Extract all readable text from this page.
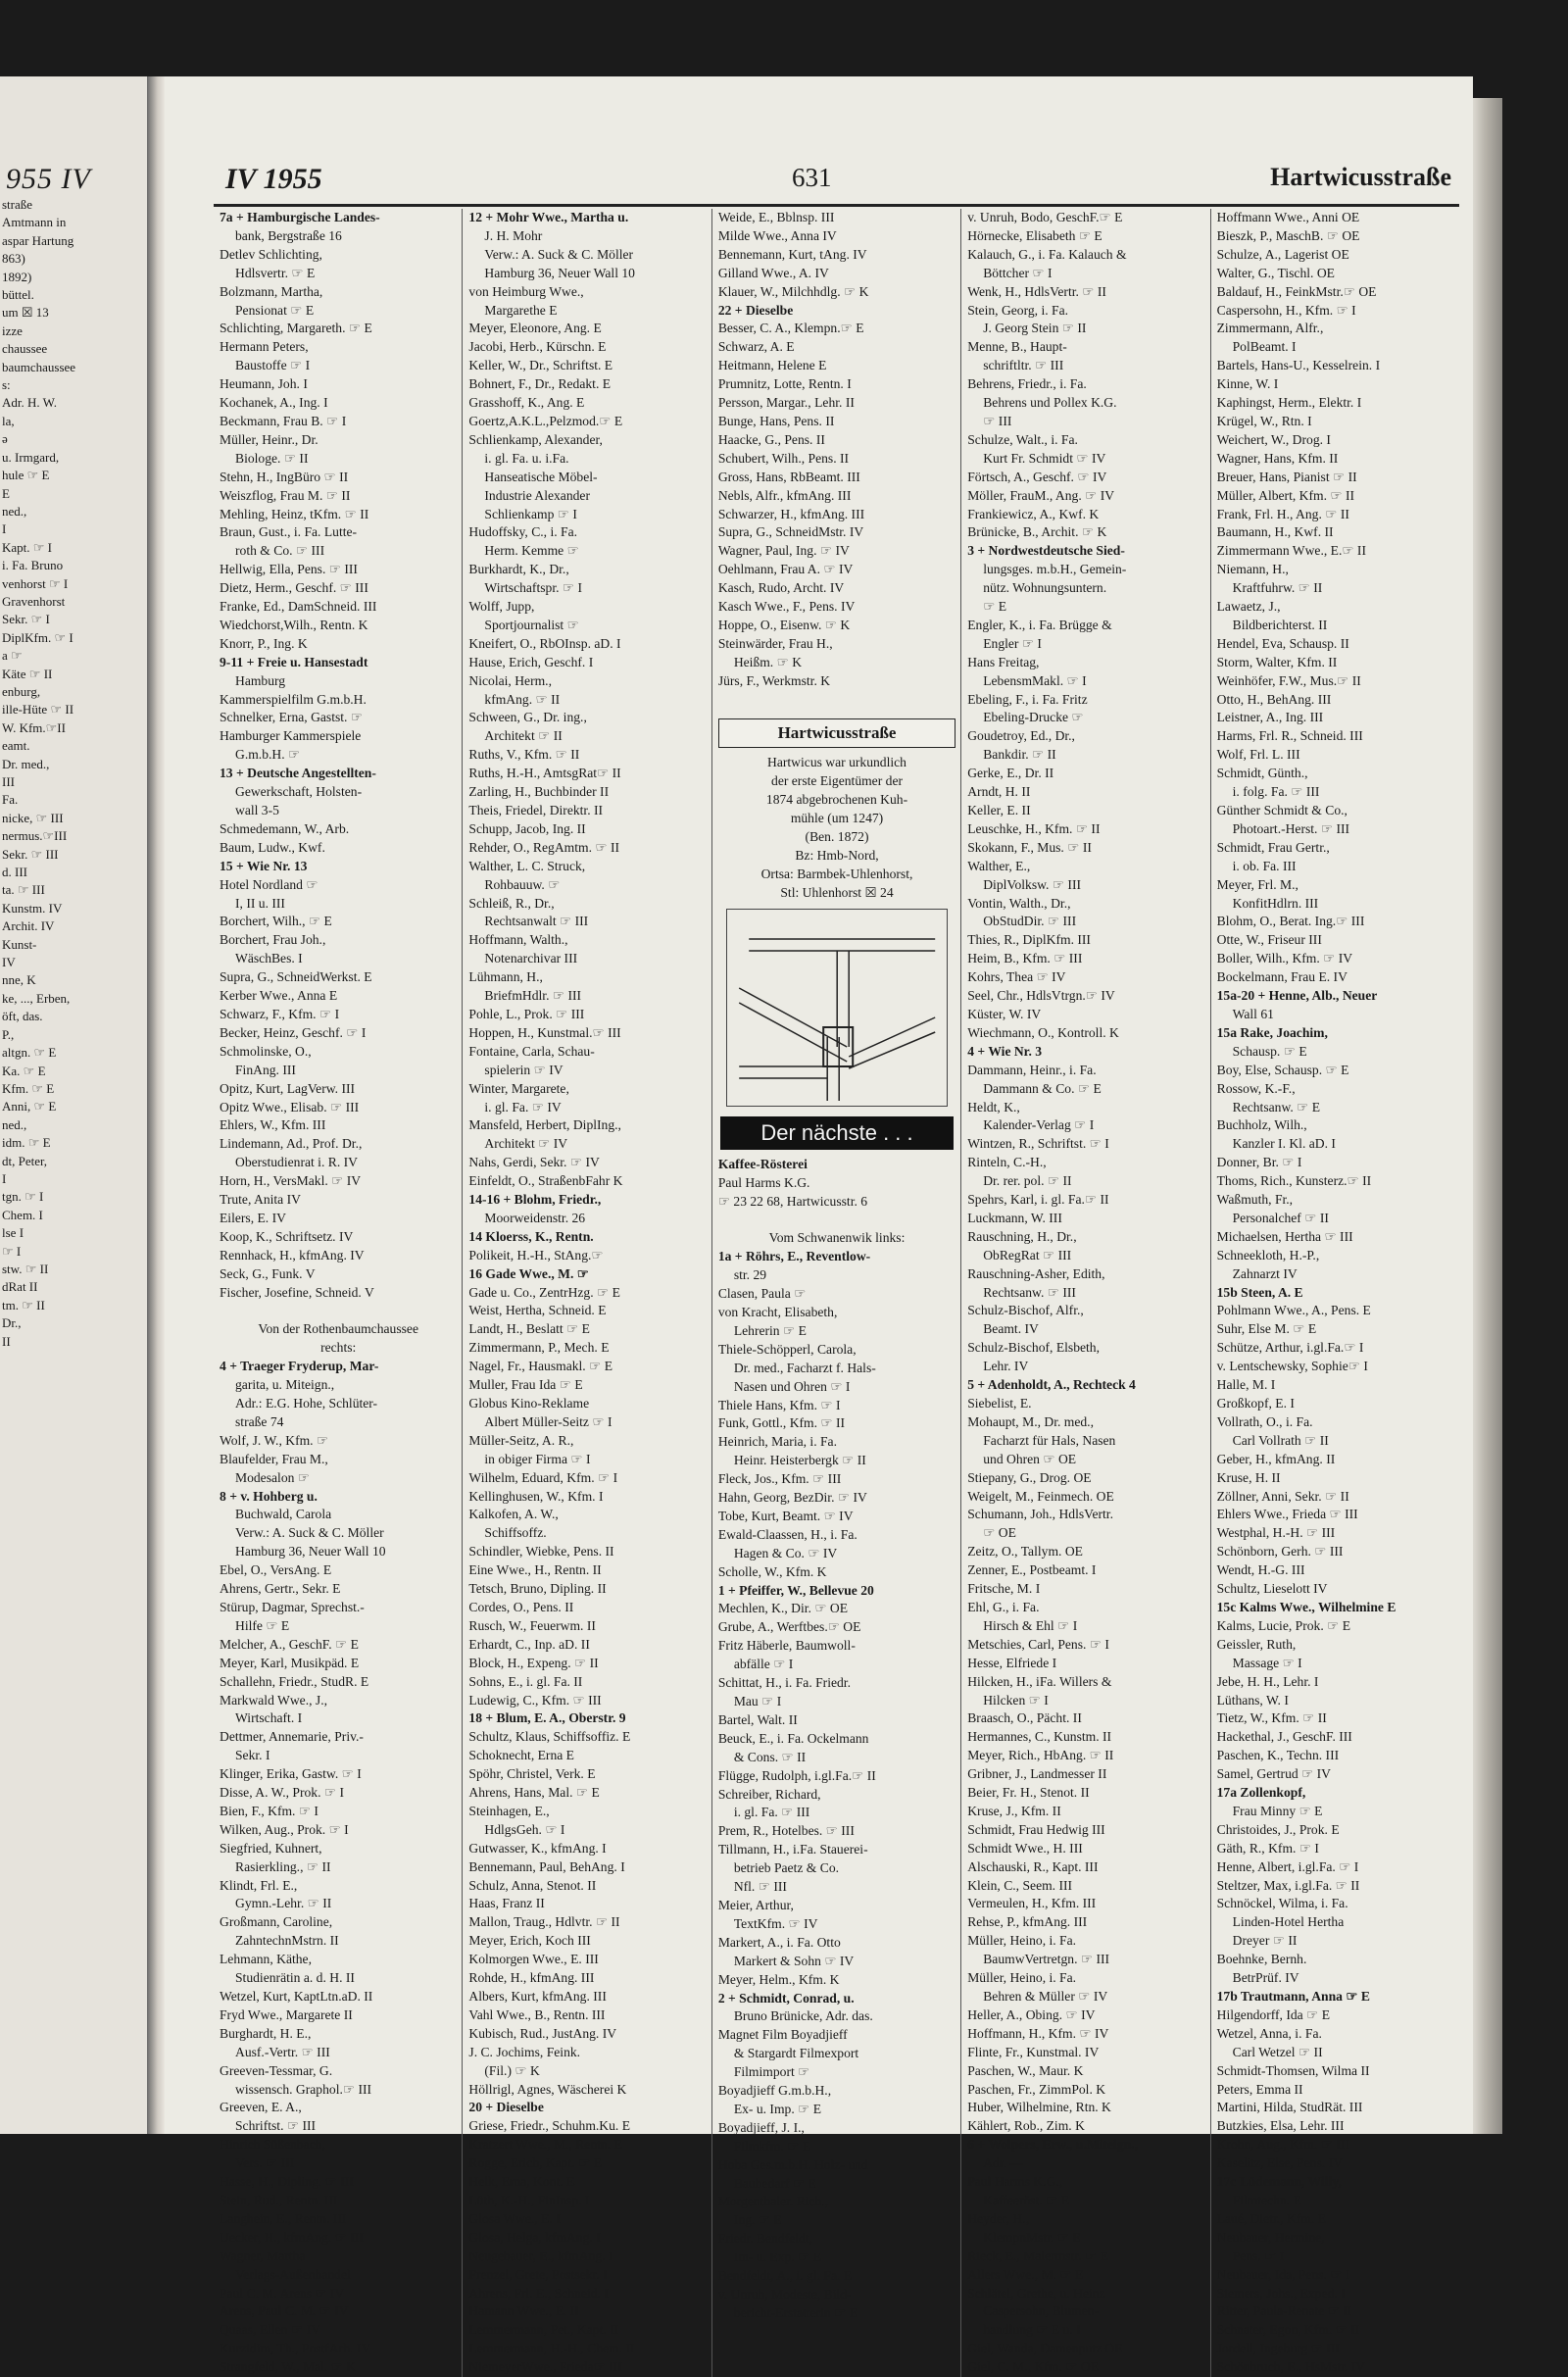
955 IV
straße
Amtmann in
aspar Hartung
863)
1892)
büttel.
um ☒ 13
izze
chaussee
baumchaussee
s:
Adr. H. W.
la,
ə
u. Irmgard,
hule ☞ E
E
ned.,
I
Kapt. ☞ I
i. Fa. Bruno
venhorst ☞ I
Gravenhorst
Sekr. ☞ I
DiplKfm. ☞ I
a ☞
Käte ☞ II
enburg,
ille-Hüte ☞ II
W. Kfm.☞II
eamt.
Dr. med.,
III
Fa.
nicke, ☞ III
nermus.☞III
Sekr. ☞ III
d. III
ta. ☞ III
Kunstm. IV
Archit. IV
Kunst-
IV
nne, K
ke, ..., Erben,
öft, das.
P.,
altgn. ☞ E
Ka. ☞ E
Kfm. ☞ E
Anni, ☞ E
ned.,
idm. ☞ E
dt, Peter,
I
tgn. ☞ I
Chem. I
lse I
☞ I
stw. ☞ II
dRat II
tm. ☞ II
Dr.,
II
IV 1955	631	Hartwicusstraße
7a + Hamburgische Landes-
bank, Bergstraße 16
Detlev Schlichting,
Hdlsvertr. ☞ E
Bolzmann, Martha,
Pensionat ☞ E
Schlichting, Margareth. ☞ E
Hermann Peters,
Baustoffe ☞ I
Heumann, Joh. I
Kochanek, A., Ing. I
Beckmann, Frau B. ☞ I
Müller, Heinr., Dr.
Biologe. ☞ II
Stehn, H., IngBüro ☞ II
Weiszflog, Frau M. ☞ II
Mehling, Heinz, tKfm. ☞ II
Braun, Gust., i. Fa. Lutte-
roth & Co. ☞ III
Hellwig, Ella, Pens. ☞ III
Dietz, Herm., Geschf. ☞ III
Franke, Ed., DamSchneid. III
Wiedchorst,Wilh., Rentn. K
Knorr, P., Ing. K
9-11 + Freie u. Hansestadt
Hamburg
Kammerspielfilm G.m.b.H.
Schnelker, Erna, Gastst. ☞
Hamburger Kammerspiele
G.m.b.H. ☞
13 + Deutsche Angestellten-
Gewerkschaft, Holsten-
wall 3-5
Schmedemann, W., Arb.
Baum, Ludw., Kwf.
15 + Wie Nr. 13
Hotel Nordland ☞
I, II u. III
Borchert, Wilh., ☞ E
Borchert, Frau Joh.,
WäschBes. I
Supra, G., SchneidWerkst. E
Kerber Wwe., Anna E
Schwarz, F., Kfm. ☞ I
Becker, Heinz, Geschf. ☞ I
Schmolinske, O.,
FinAng. III
Opitz, Kurt, LagVerw. III
Opitz Wwe., Elisab. ☞ III
Ehlers, W., Kfm. III
Lindemann, Ad., Prof. Dr.,
Oberstudienrat i. R. IV
Horn, H., VersMakl. ☞ IV
Trute, Anita IV
Eilers, E. IV
Koop, K., Schriftsetz. IV
Rennhack, H., kfmAng. IV
Seck, G., Funk. V
Fischer, Josefine, Schneid. V

Von der Rothenbaumchaussee
rechts:
4 + Traeger Fryderup, Mar-
garita, u. Miteign.,
Adr.: E.G. Hohe, Schlüter-
straße 74
Wolf, J. W., Kfm. ☞
Blaufelder, Frau M.,
Modesalon ☞
8 + v. Hohberg u.
Buchwald, Carola
Verw.: A. Suck & C. Möller
Hamburg 36, Neuer Wall 10
Ebel, O., VersAng. E
Ahrens, Gertr., Sekr. E
Stürup, Dagmar, Sprechst.-
Hilfe ☞ E
Melcher, A., GeschF. ☞ E
Meyer, Karl, Musikpäd. E
Schallehn, Friedr., StudR. E
Markwald Wwe., J.,
Wirtschaft. I
Dettmer, Annemarie, Priv.-
Sekr. I
Klinger, Erika, Gastw. ☞ I
Disse, A. W., Prok. ☞ I
Bien, F., Kfm. ☞ I
Wilken, Aug., Prok. ☞ I
Siegfried, Kuhnert,
Rasierkling., ☞ II
Klindt, Frl. E.,
Gymn.-Lehr. ☞ II
Großmann, Caroline,
ZahntechnMstrn. II
Lehmann, Käthe,
Studienrätin a. d. H. II
Wetzel, Kurt, KaptLtn.aD. II
Fryd Wwe., Margarete II
Burghardt, H. E.,
Ausf.-Vertr. ☞ III
Greeven-Tessmar, G.
wissensch. Graphol.☞ III
Greeven, E. A.,
Schriftst. ☞ III
Hinrich Süßenbach,
Vers. ☞ III
Hasse, H., Dipling. ☞ III
Stein, Rud., Rentn. III
Langhein, E., Rentn. III
Uecker, H., kfmAng. ☞ III
Wagner, Martha
Verlags-Außenhandel
Paul C. M. Arens ☞ IV
Arens, Paul C. M. ☞ IV
Quaas, Ellen ☞ IV
Kurzidim, Th., PostfArb. IV
Strangfeld, W., Mal. ☞ K
12 + Mohr Wwe., Martha u.
J. H. Mohr
Verw.: A. Suck & C. Möller
Hamburg 36, Neuer Wall 10
von Heimburg Wwe.,
Margarethe E
Meyer, Eleonore, Ang. E
Jacobi, Herb., Kürschn. E
Keller, W., Dr., Schriftst. E
Bohnert, F., Dr., Redakt. E
Grasshoff, K., Ang. E
Goertz,A.K.L.,Pelzmod.☞ E
Schlienkamp, Alexander,
i. gl. Fa. u. i.Fa.
Hanseatische Möbel-
Industrie Alexander
Schlienkamp ☞ I
Hudoffsky, C., i. Fa.
Herm. Kemme ☞
Burkhardt, K., Dr.,
Wirtschaftspr. ☞ I
Wolff, Jupp,
Sportjournalist ☞
Kneifert, O., RbOInsp. aD. I
Hause, Erich, Geschf. I
Nicolai, Herm.,
kfmAng. ☞ II
Schween, G., Dr. ing.,
Architekt ☞ II
Ruths, V., Kfm. ☞ II
Ruths, H.-H., AmtsgRat☞ II
Zarling, H., Buchbinder II
Theis, Friedel, Direktr. II
Schupp, Jacob, Ing. II
Rehder, O., RegAmtm. ☞ II
Walther, L. C. Struck,
Rohbauuw. ☞
Schleiß, R., Dr.,
Rechtsanwalt ☞ III
Hoffmann, Walth.,
Notenarchivar III
Lühmann, H.,
BriefmHdlr. ☞ III
Pohle, L., Prok. ☞ III
Hoppen, H., Kunstmal.☞ III
Fontaine, Carla, Schau-
spielerin ☞ IV
Winter, Margarete,
i. gl. Fa. ☞ IV
Mansfeld, Herbert, DiplIng.,
Architekt ☞ IV
Nahs, Gerdi, Sekr. ☞ IV
Einfeldt, O., StraßenbFahr K
14-16 + Blohm, Friedr.,
Moorweidenstr. 26
14 Kloerss, K., Rentn.
Polikeit, H.-H., StAng.☞
16 Gade Wwe., M. ☞
Gade u. Co., ZentrHzg. ☞ E
Weist, Hertha, Schneid. E
Landt, H., Beslatt ☞ E
Zimmermann, P., Mech. E
Nagel, Fr., Hausmakl. ☞ E
Muller, Frau Ida ☞ E
Globus Kino-Reklame
Albert Müller-Seitz ☞ I
Müller-Seitz, A. R.,
in obiger Firma ☞ I
Wilhelm, Eduard, Kfm. ☞ I
Kellinghusen, W., Kfm. I
Kalkofen, A. W.,
Schiffsoffz.
Schindler, Wiebke, Pens. II
Eine Wwe., H., Rentn. II
Tetsch, Bruno, Dipling. II
Cordes, O., Pens. II
Rusch, W., Feuerwm. II
Erhardt, C., Inp. aD. II
Block, H., Expeng. ☞ II
Sohns, E., i. gl. Fa. II
Ludewig, C., Kfm. ☞ III
18 + Blum, E. A., Oberstr. 9
Schultz, Klaus, Schiffsoffiz. E
Schoknecht, Erna E
Spöhr, Christel, Verk. E
Ahrens, Hans, Mal. ☞ E
Steinhagen, E.,
HdlgsGeh. ☞ I
Gutwasser, K., kfmAng. I
Bennemann, Paul, BehAng. I
Schulz, Anna, Stenot. II
Haas, Franz II
Mallon, Traug., Hdlvtr. ☞ II
Meyer, Erich, Koch III
Kolmorgen Wwe., E. III
Rohde, H., kfmAng. III
Albers, Kurt, kfmAng. III
Vahl Wwe., B., Rentn. III
Kubisch, Rud., JustAng. IV
J. C. Jochims, Feink.
(Fil.) ☞ K
Höllrigl, Agnes, Wäscherei K
20 + Dieselbe
Griese, Friedr., Schuhm.Ku. E
Kratzert Wwe., M., Rentn. E
Rogge, Erich, Kapt. ☞ E
Helk, Erna, Kont. E
Lüth, K.-H., FinInsp. I
Glosa Wwe., E. I
Glosa, Helga, kfmAng. I
Neugebauer, E., kfmAng. I
Frenzel, Grete, Postsekr. I
Ahrens, Frl. E., Schneid. I
Hamann Wwe., E. II
Lemmermann, Pet., Kapt. II
Lemmermann, H.-H., Chem. II
NiemeyerWwe., Frieda☞ III
Weide, E., Bblnsp. III
Milde Wwe., Anna IV
Bennemann, Kurt, tAng. IV
Gilland Wwe., A. IV
Klauer, W., Milchhdlg. ☞ K
22 + Dieselbe
Besser, C. A., Klempn.☞ E
Schwarz, A. E
Heitmann, Helene E
Prumnitz, Lotte, Rentn. I
Persson, Margar., Lehr. II
Bunge, Hans, Pens. II
Haacke, G., Pens. II
Schubert, Wilh., Pens. II
Gross, Hans, RbBeamt. III
Nebls, Alfr., kfmAng. III
Schwarzer, H., kfmAng. III
Supra, G., SchneidMstr. IV
Wagner, Paul, Ing. ☞ IV
Oehlmann, Frau A. ☞ IV
Kasch, Rudo, Archt. IV
Kasch Wwe., F., Pens. IV
Hoppe, O., Eisenw. ☞ K
Steinwärder, Frau H.,
Heißm. ☞ K
Jürs, F., Werkmstr. K

Hartwicusstraße
Hartwicus war urkundlich
der erste Eigentümer der
1874 abgebrochenen Kuh-
mühle (um 1247)
(Ben. 1872)
Bz: Hmb-Nord,
Ortsa: Barmbek-Uhlenhorst,
Stl: Uhlenhorst ☒ 24
Der nächste . . .
Kaffee-Rösterei
Paul Harms K.G.
☞ 23 22 68, Hartwicusstr. 6

Vom Schwanenwik links:
1a + Röhrs, E., Reventlow-
str. 29
Clasen, Paula ☞
von Kracht, Elisabeth,
Lehrerin ☞ E
Thiele-Schöpperl, Carola,
Dr. med., Facharzt f. Hals-
Nasen und Ohren ☞ I
Thiele Hans, Kfm. ☞ I
Funk, Gottl., Kfm. ☞ II
Heinrich, Maria, i. Fa.
Heinr. Heisterbergk ☞ II
Fleck, Jos., Kfm. ☞ III
Hahn, Georg, BezDir. ☞ IV
Tobe, Kurt, Beamt. ☞ IV
Ewald-Claassen, H., i. Fa.
Hagen & Co. ☞ IV
Scholle, W., Kfm. K
1 + Pfeiffer, W., Bellevue 20
Mechlen, K., Dir. ☞ OE
Grube, A., Werftbes.☞ OE
Fritz Häberle, Baumwoll-
abfälle ☞ I
Schittat, H., i. Fa. Friedr.
Mau ☞ I
Bartel, Walt. II
Beuck, E., i. Fa. Ockelmann
& Cons. ☞ II
Flügge, Rudolph, i.gl.Fa.☞ II
Schreiber, Richard,
i. gl. Fa. ☞ III
Prem, R., Hotelbes. ☞ III
Tillmann, H., i.Fa. Stauerei-
betrieb Paetz & Co.
Nfl. ☞ III
Meier, Arthur,
TextKfm. ☞ IV
Markert, A., i. Fa. Otto
Markert & Sohn ☞ IV
Meyer, Helm., Kfm. K
2 + Schmidt, Conrad, u.
Bruno Brünicke, Adr. das.
Magnet Film Boyadjieff
& Stargardt Filmexport
Filmimport ☞
Boyadjieff G.m.b.H.,
Ex- u. Imp. ☞ E
Boyadjieff, J. I.,
Filmkfm. ☞ E
Hoba Ges.m.b.H. Holz- und
Baubedarf ☞ E
Morgenthaler. Rich.,
Ing. ☞ E
Friedr. Bendfeldt,
Im- u. Exp. ☞ E
Bendfeldt, A., i. gl. Fa. E
v. Unruh, Modeste, Bild-
bericht-Erstatterin ☞ E
v. Unruh, Bodo, GeschF.☞ E
Hörnecke, Elisabeth ☞ E
Kalauch, G., i. Fa. Kalauch &
Böttcher ☞ I
Wenk, H., HdlsVertr. ☞ II
Stein, Georg, i. Fa.
J. Georg Stein ☞ II
Menne, B., Haupt-
schriftltr. ☞ III
Behrens, Friedr., i. Fa.
Behrens und Pollex K.G.
☞ III
Schulze, Walt., i. Fa.
Kurt Fr. Schmidt ☞ IV
Förtsch, A., Geschf. ☞ IV
Möller, FrauM., Ang. ☞ IV
Frankiewicz, A., Kwf. K
Brünicke, B., Archit. ☞ K
3 + Nordwestdeutsche Sied-
lungsges. m.b.H., Gemein-
nütz. Wohnungsuntern.
☞ E
Engler, K., i. Fa. Brügge &
Engler ☞ I
Hans Freitag,
LebensmMakl. ☞ I
Ebeling, F., i. Fa. Fritz
Ebeling-Drucke ☞
Goudetroy, Ed., Dr.,
Bankdir. ☞ II
Gerke, E., Dr. II
Arndt, H. II
Keller, E. II
Leuschke, H., Kfm. ☞ II
Skokann, F., Mus. ☞ II
Walther, E.,
DiplVolksw. ☞ III
Vontin, Walth., Dr.,
ObStudDir. ☞ III
Thies, R., DiplKfm. III
Heim, B., Kfm. ☞ III
Kohrs, Thea ☞ IV
Seel, Chr., HdlsVtrgn.☞ IV
Küster, W. IV
Wiechmann, O., Kontroll. K
4 + Wie Nr. 3
Dammann, Heinr., i. Fa.
Dammann & Co. ☞ E
Heldt, K.,
Kalender-Verlag ☞ I
Wintzen, R., Schriftst. ☞ I
Rinteln, C.-H.,
Dr. rer. pol. ☞ II
Spehrs, Karl, i. gl. Fa.☞ II
Luckmann, W. III
Rauschning, H., Dr.,
ObRegRat ☞ III
Rauschning-Asher, Edith,
Rechtsanw. ☞ III
Schulz-Bischof, Alfr.,
Beamt. IV
Schulz-Bischof, Elsbeth,
Lehr. IV
5 + Adenholdt, A., Rechteck 4
Siebelist, E.
Mohaupt, M., Dr. med.,
Facharzt für Hals, Nasen
und Ohren ☞ OE
Stiepany, G., Drog. OE
Weigelt, M., Feinmech. OE
Schumann, Joh., HdlsVertr.
☞ OE
Zeitz, O., Tallym. OE
Zenner, E., Postbeamt. I
Fritsche, M. I
Ehl, G., i. Fa.
Hirsch & Ehl ☞ I
Metschies, Carl, Pens. ☞ I
Hesse, Elfriede I
Hilcken, H., iFa. Willers &
Hilcken ☞ I
Braasch, O., Pächt. II
Hermannes, C., Kunstm. II
Meyer, Rich., HbAng. ☞ II
Gribner, J., Landmesser II
Beier, Fr. H., Stenot. II
Kruse, J., Kfm. II
Schmidt, Frau Hedwig III
Schmidt Wwe., H. III
Alschauski, R., Kapt. III
Klein, C., Seem. III
Vermeulen, H., Kfm. III
Rehse, P., kfmAng. III
Müller, Heino, i. Fa.
BaumwVertretgn. ☞ III
Müller, Heino, i. Fa.
Behren & Müller ☞ IV
Heller, A., Obing. ☞ IV
Hoffmann, H., Kfm. ☞ IV
Flinte, Fr., Kunstmal. IV
Paschen, W., Maur. K
Paschen, Fr., ZimmPol. K
Huber, Wilhelmine, Rtn. K
Kählert, Rob., Zim. K
6 + Wolpers, Erw., u.Miteign.,
Adr. —
Paul Harms K.G.,
Kaffeeröst. ☞ E
Heyder, H.,
KlempnMstr. ☞ E
Rieck, E., Malermstr. ☞ E
Allers Wwe., M. ☞ E
Schlätel, Grethe, u. Heinz
Caspersohn, Blumen-
handlung ☞ E u. I
Giel, Wanda, Damenputz OE
Giel, C. M., Kfm. ☞ OE
Hoffmann Wwe., Anni OE
Bieszk, P., MaschB. ☞ OE
Schulze, A., Lagerist OE
Walter, G., Tischl. OE
Baldauf, H., FeinkMstr.☞ OE
Caspersohn, H., Kfm. ☞ I
Zimmermann, Alfr.,
PolBeamt. I
Bartels, Hans-U., Kesselrein. I
Kinne, W. I
Kaphingst, Herm., Elektr. I
Krügel, W., Rtn. I
Weichert, W., Drog. I
Wagner, Hans, Kfm. II
Breuer, Hans, Pianist ☞ II
Müller, Albert, Kfm. ☞ II
Frank, Frl. H., Ang. ☞ II
Baumann, H., Kwf. II
Zimmermann Wwe., E.☞ II
Niemann, H.,
Kraftfuhrw. ☞ II
Lawaetz, J.,
Bildberichterst. II
Hendel, Eva, Schausp. II
Storm, Walter, Kfm. II
Weinhöfer, F.W., Mus.☞ II
Otto, H., BehAng. III
Leistner, A., Ing. III
Harms, Frl. R., Schneid. III
Wolf, Frl. L. III
Schmidt, Günth.,
i. folg. Fa. ☞ III
Günther Schmidt & Co.,
Photoart.-Herst. ☞ III
Schmidt, Frau Gertr.,
i. ob. Fa. III
Meyer, Frl. M.,
KonfitHdlrn. III
Blohm, O., Berat. Ing.☞ III
Otte, W., Friseur III
Boller, Wilh., Kfm. ☞ IV
Bockelmann, Frau E. IV
15a-20 + Henne, Alb., Neuer
Wall 61
15a Rake, Joachim,
Schausp. ☞ E
Boy, Else, Schausp. ☞ E
Rossow, K.-F.,
Rechtsanw. ☞ E
Buchholz, Wilh.,
Kanzler I. Kl. aD. I
Donner, Br. ☞ I
Thoms, Rich., Kunsterz.☞ II
Waßmuth, Fr.,
Personalchef ☞ II
Michaelsen, Hertha ☞ III
Schneekloth, H.-P.,
Zahnarzt IV
15b Steen, A. E
Pohlmann Wwe., A., Pens. E
Suhr, Else M. ☞ E
Schütze, Arthur, i.gl.Fa.☞ I
v. Lentschewsky, Sophie☞ I
Halle, M. I
Großkopf, E. I
Vollrath, O., i. Fa.
Carl Vollrath ☞ II
Geber, H., kfmAng. II
Kruse, H. II
Zöllner, Anni, Sekr. ☞ II
Ehlers Wwe., Frieda ☞ III
Westphal, H.-H. ☞ III
Schönborn, Gerh. ☞ III
Wendt, H.-G. III
Schultz, Lieselott IV
15c Kalms Wwe., Wilhelmine E
Kalms, Lucie, Prok. ☞ E
Geissler, Ruth,
Massage ☞ I
Jebe, H. H., Lehr. I
Lüthans, W. I
Tietz, W., Kfm. ☞ II
Hackethal, J., GeschF. III
Paschen, K., Techn. III
Samel, Gertrud ☞ IV
17a Zollenkopf,
Frau Minny ☞ E
Christoides, J., Prok. E
Gäth, R., Kfm. ☞ I
Henne, Albert, i.gl.Fa. ☞ I
Steltzer, Max, i.gl.Fa. ☞ II
Schnöckel, Wilma, i. Fa.
Linden-Hotel Hertha
Dreyer ☞ II
Boehnke, Bernh.
BetrPrüf. IV
17b Trautmann, Anna ☞ E
Hilgendorff, Ida ☞ E
Wetzel, Anna, i. Fa.
Carl Wetzel ☞ II
Schmidt-Thomsen, Wilma II
Peters, Emma II
Martini, Hilda, StudRät. III
Butzkies, Elsa, Lehr. III
Krohn, Aug., Kfm. ☞ III
Kaselitz, Else, Pens. IV
17c Lüdemann, Willy,
Filmtechn. E
Laué, Dietr., Kfm. E
Neubauer, Hermine,
Pens. ☞ I
Neubauer, Ida, Pens. ☞ I
Siemers, Johs., Exped. I
Ritter, Paula-Renate ☞ II
Schnater, Egon, Kfm. ☞ II
Jordell, Ingeburg ☞ III
Schönbruch, E., HsMstr. IV
